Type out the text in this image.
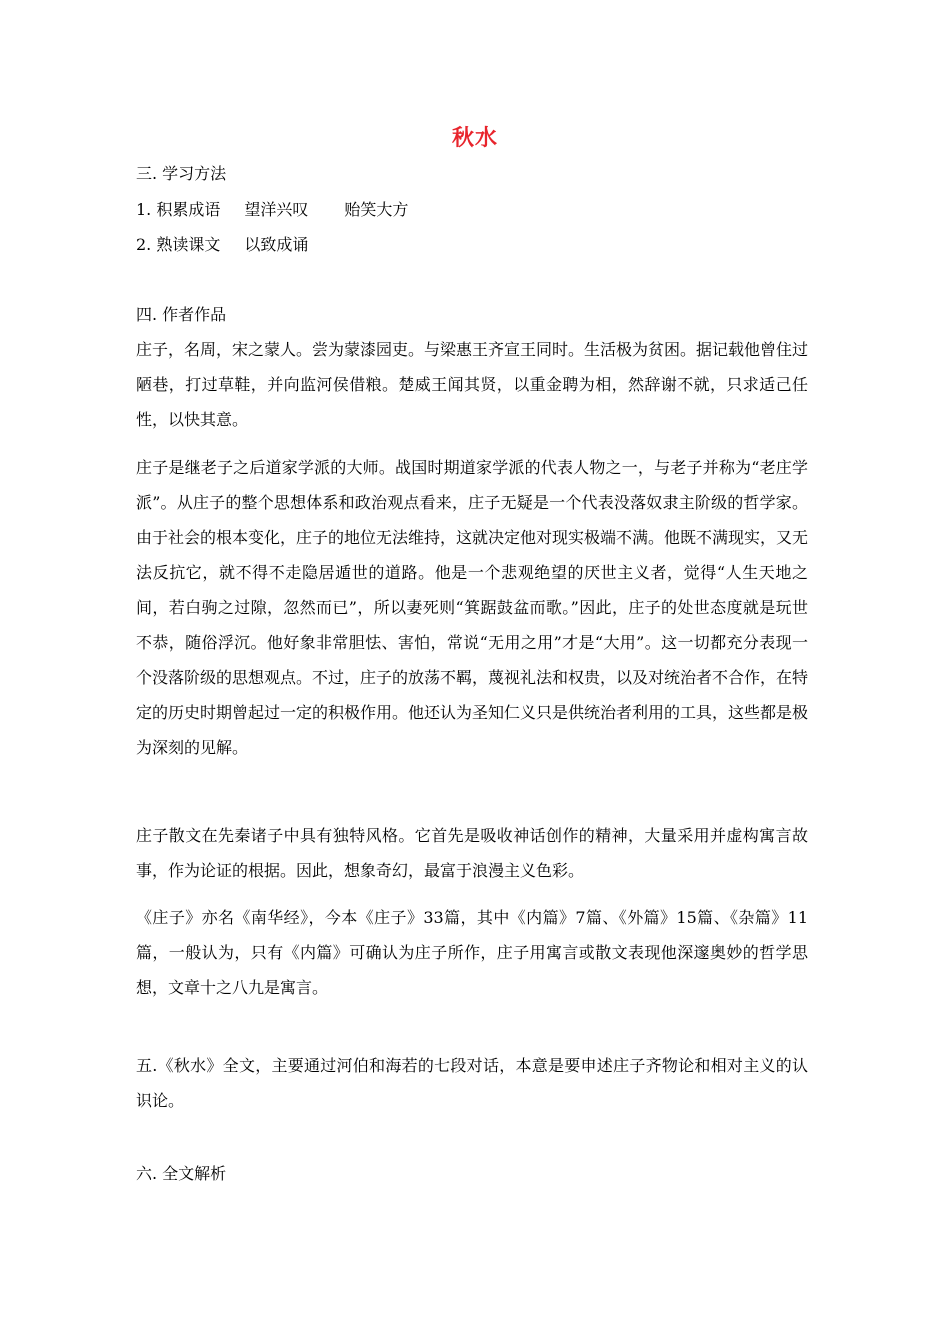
秋水
三. 学习方法
1. 积累成语 望洋兴叹 贻笑大方
2. 熟读课文 以致成诵
四. 作者作品
庄子，名周，宋之蒙人。尝为蒙漆园吏。与梁惠王齐宣王同时。生活极为贫困。据记载他曾住过陋巷，打过草鞋，并向监河侯借粮。楚威王闻其贤，以重金聘为相，然辞谢不就，只求适己任性，以快其意。
庄子是继老子之后道家学派的大师。战国时期道家学派的代表人物之一，与老子并称为“老庄学派”。从庄子的整个思想体系和政治观点看来，庄子无疑是一个代表没落奴隶主阶级的哲学家。由于社会的根本变化，庄子的地位无法维持，这就决定他对现实极端不满。他既不满现实，又无法反抗它，就不得不走隐居遁世的道路。他是一个悲观绝望的厌世主义者，觉得“人生天地之间，若白驹之过隙，忽然而已”，所以妻死则“箕踞鼓盆而歌。”因此，庄子的处世态度就是玩世不恭，随俗浮沉。他好象非常胆怯、害怕，常说“无用之用”才是“大用”。这一切都充分表现一个没落阶级的思想观点。不过，庄子的放荡不羁，蔑视礼法和权贵，以及对统治者不合作，在特定的历史时期曾起过一定的积极作用。他还认为圣知仁义只是供统治者利用的工具，这些都是极为深刻的见解。
庄子散文在先秦诸子中具有独特风格。它首先是吸收神话创作的精神，大量采用并虚构寓言故事，作为论证的根据。因此，想象奇幻，最富于浪漫主义色彩。
《庄子》亦名《南华经》，今本《庄子》33篇，其中《内篇》7篇、《外篇》15篇、《杂篇》11篇，一般认为，只有《内篇》可确认为庄子所作，庄子用寓言或散文表现他深邃奥妙的哲学思想，文章十之八九是寓言。
五.《秋水》全文，主要通过河伯和海若的七段对话，本意是要申述庄子齐物论和相对主义的认识论。
六. 全文解析
